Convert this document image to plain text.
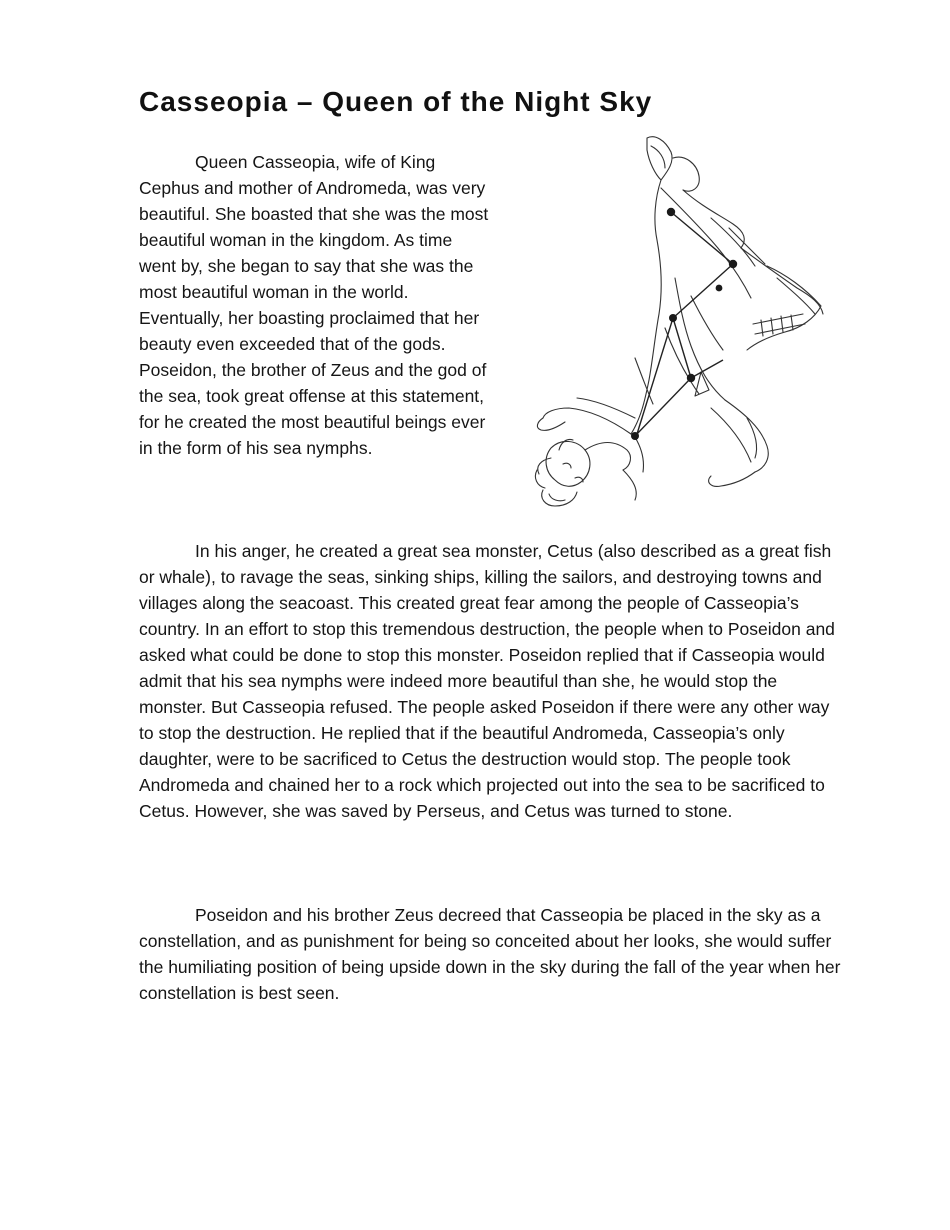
Casseopia – Queen of the Night Sky

Queen Casseopia, wife of King Cephus and mother of Andromeda, was very beautiful. She boasted that she was the most beautiful woman in the kingdom. As time went by, she began to say that she was the most beautiful woman in the world. Eventually, her boasting proclaimed that her beauty even exceeded that of the gods. Poseidon, the brother of Zeus and the god of the sea, took great offense at this statement, for he created the most beautiful beings ever in the form of his sea nymphs.

In his anger, he created a great sea monster, Cetus (also described as a great fish or whale), to ravage the seas, sinking ships, killing the sailors, and destroying towns and villages along the seacoast. This created great fear among the people of Casseopia’s country. In an effort to stop this tremendous destruction, the people when to Poseidon and asked what could be done to stop this monster. Poseidon replied that if Casseopia would admit that his sea nymphs were indeed more beautiful than she, he would stop the monster. But Casseopia refused. The people asked Poseidon if there were any other way to stop the destruction. He replied that if the beautiful Andromeda, Casseopia’s only daughter, were to be sacrificed to Cetus the destruction would stop. The people took Andromeda and chained her to a rock which projected out into the sea to be sacrificed to Cetus. However, she was saved by Perseus, and Cetus was turned to stone.

Poseidon and his brother Zeus decreed that Casseopia be placed in the sky as a constellation, and as punishment for being so conceited about her looks, she would suffer the humiliating position of being upside down in the sky during the fall of the year when her constellation is best seen.
